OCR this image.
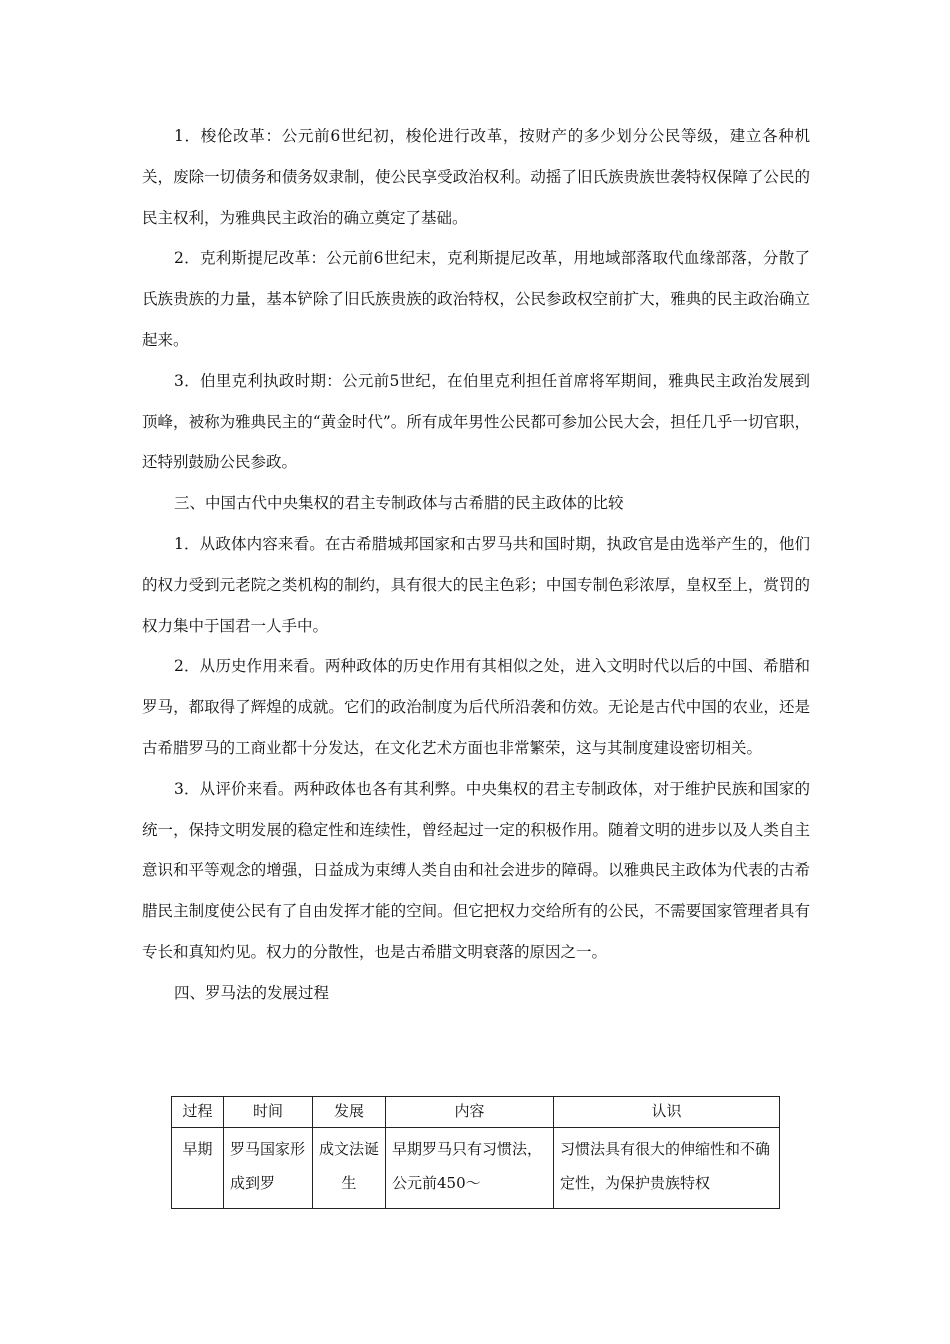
1．梭伦改革：公元前6世纪初，梭伦进行改革，按财产的多少划分公民等级，建立各种机关，废除一切债务和债务奴隶制，使公民享受政治权利。动摇了旧氏族贵族世袭特权保障了公民的民主权利，为雅典民主政治的确立奠定了基础。

2．克利斯提尼改革：公元前6世纪末，克利斯提尼改革，用地域部落取代血缘部落，分散了氏族贵族的力量，基本铲除了旧氏族贵族的政治特权，公民参政权空前扩大，雅典的民主政治确立起来。

3．伯里克利执政时期：公元前5世纪，在伯里克利担任首席将军期间，雅典民主政治发展到顶峰，被称为雅典民主的“黄金时代”。所有成年男性公民都可参加公民大会，担任几乎一切官职，还特别鼓励公民参政。

三、中国古代中央集权的君主专制政体与古希腊的民主政体的比较

1．从政体内容来看。在古希腊城邦国家和古罗马共和国时期，执政官是由选举产生的，他们的权力受到元老院之类机构的制约，具有很大的民主色彩；中国专制色彩浓厚，皇权至上，赏罚的权力集中于国君一人手中。

2．从历史作用来看。两种政体的历史作用有其相似之处，进入文明时代以后的中国、希腊和罗马，都取得了辉煌的成就。它们的政治制度为后代所沿袭和仿效。无论是古代中国的农业，还是古希腊罗马的工商业都十分发达，在文化艺术方面也非常繁荣，这与其制度建设密切相关。

3．从评价来看。两种政体也各有其利弊。中央集权的君主专制政体，对于维护民族和国家的统一，保持文明发展的稳定性和连续性，曾经起过一定的积极作用。随着文明的进步以及人类自主意识和平等观念的增强，日益成为束缚人类自由和社会进步的障碍。以雅典民主政体为代表的古希腊民主制度使公民有了自由发挥才能的空间。但它把权力交给所有的公民，不需要国家管理者具有专长和真知灼见。权力的分散性，也是古希腊文明衰落的原因之一。

四、罗马法的发展过程

过程	时间	发展	内容	认识
早期	罗马国家形成到罗	成文法诞生	早期罗马只有习惯法，公元前450～	习惯法具有很大的伸缩性和不确定性，为保护贵族特权
